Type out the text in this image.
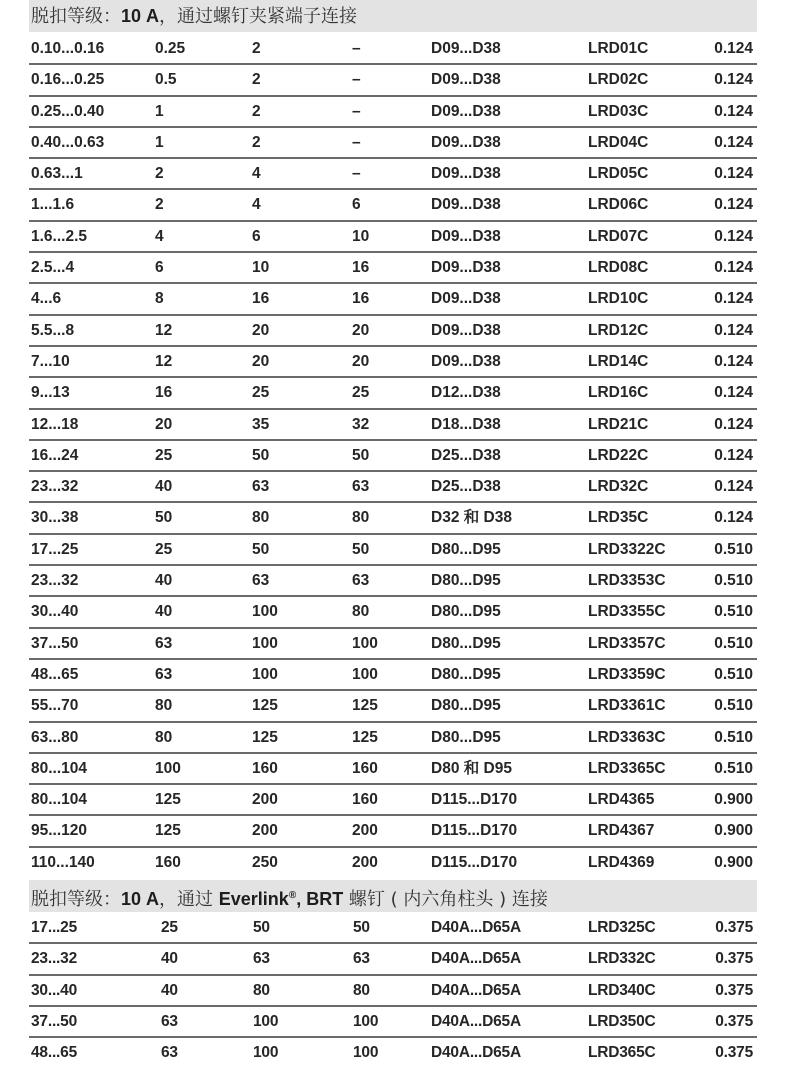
脱扣等级：10 A，通过螺钉夹紧端子连接
0.10...0.16	0.25	2	–	D09...D38	LRD01C	0.124
0.16...0.25	0.5	2	–	D09...D38	LRD02C	0.124
0.25...0.40	1	2	–	D09...D38	LRD03C	0.124
0.40...0.63	1	2	–	D09...D38	LRD04C	0.124
0.63...1	2	4	–	D09...D38	LRD05C	0.124
1...1.6	2	4	6	D09...D38	LRD06C	0.124
1.6...2.5	4	6	10	D09...D38	LRD07C	0.124
2.5...4	6	10	16	D09...D38	LRD08C	0.124
4...6	8	16	16	D09...D38	LRD10C	0.124
5.5...8	12	20	20	D09...D38	LRD12C	0.124
7...10	12	20	20	D09...D38	LRD14C	0.124
9...13	16	25	25	D12...D38	LRD16C	0.124
12...18	20	35	32	D18...D38	LRD21C	0.124
16...24	25	50	50	D25...D38	LRD22C	0.124
23...32	40	63	63	D25...D38	LRD32C	0.124
30...38	50	80	80	D32 和 D38	LRD35C	0.124
17...25	25	50	50	D80...D95	LRD3322C	0.510
23...32	40	63	63	D80...D95	LRD3353C	0.510
30...40	40	100	80	D80...D95	LRD3355C	0.510
37...50	63	100	100	D80...D95	LRD3357C	0.510
48...65	63	100	100	D80...D95	LRD3359C	0.510
55...70	80	125	125	D80...D95	LRD3361C	0.510
63...80	80	125	125	D80...D95	LRD3363C	0.510
80...104	100	160	160	D80 和 D95	LRD3365C	0.510
80...104	125	200	160	D115...D170	LRD4365	0.900
95...120	125	200	200	D115...D170	LRD4367	0.900
110...140	160	250	200	D115...D170	LRD4369	0.900
脱扣等级：10 A，通过 Everlink®, BRT 螺钉 ( 内六角柱头 ) 连接
17...25	25	50	50	D40A...D65A	LRD325C	0.375
23...32	40	63	63	D40A...D65A	LRD332C	0.375
30...40	40	80	80	D40A...D65A	LRD340C	0.375
37...50	63	100	100	D40A...D65A	LRD350C	0.375
48...65	63	100	100	D40A...D65A	LRD365C	0.375
